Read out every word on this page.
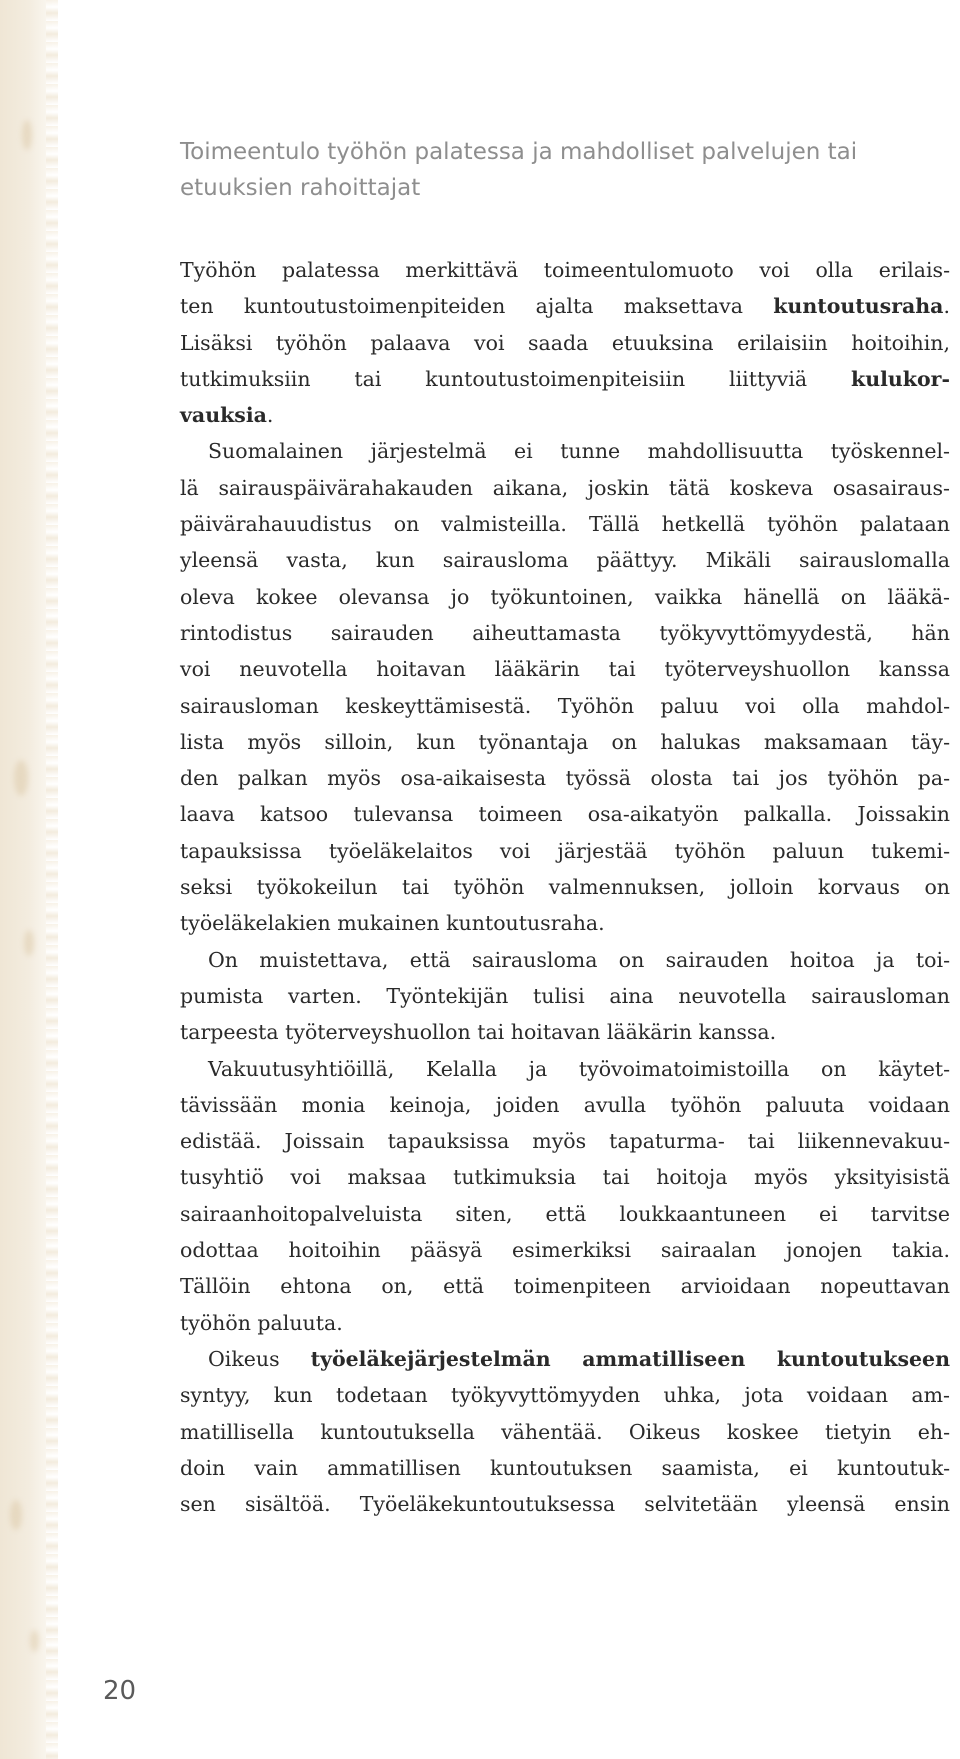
Toimeentulo työhön palatessa ja mahdolliset palvelujen tai
etuuksien rahoittajat
Työhön palatessa merkittävä toimeentulomuoto voi olla erilais-
ten kuntoutustoimenpiteiden ajalta maksettava kuntoutusraha.
Lisäksi työhön palaava voi saada etuuksina erilaisiin hoitoihin,
tutkimuksiin tai kuntoutustoimenpiteisiin liittyviä kulukor-
vauksia.
Suomalainen järjestelmä ei tunne mahdollisuutta työskennel-
lä sairauspäivärahakauden aikana, joskin tätä koskeva osasairaus-
päivärahauudistus on valmisteilla. Tällä hetkellä työhön palataan
yleensä vasta, kun sairausloma päättyy. Mikäli sairauslomalla
oleva kokee olevansa jo työkuntoinen, vaikka hänellä on lääkä-
rintodistus sairauden aiheuttamasta työkyvyttömyydestä, hän
voi neuvotella hoitavan lääkärin tai työterveyshuollon kanssa
sairausloman keskeyttämisestä. Työhön paluu voi olla mahdol-
lista myös silloin, kun työnantaja on halukas maksamaan täy-
den palkan myös osa-aikaisesta työssä olosta tai jos työhön pa-
laava katsoo tulevansa toimeen osa-aikatyön palkalla. Joissakin
tapauksissa työeläkelaitos voi järjestää työhön paluun tukemi-
seksi työkokeilun tai työhön valmennuksen, jolloin korvaus on
työeläkelakien mukainen kuntoutusraha.
On muistettava, että sairausloma on sairauden hoitoa ja toi-
pumista varten. Työntekijän tulisi aina neuvotella sairausloman
tarpeesta työterveyshuollon tai hoitavan lääkärin kanssa.
Vakuutusyhtiöillä, Kelalla ja työvoimatoimistoilla on käytet-
tävissään monia keinoja, joiden avulla työhön paluuta voidaan
edistää. Joissain tapauksissa myös tapaturma- tai liikennevakuu-
tusyhtiö voi maksaa tutkimuksia tai hoitoja myös yksityisistä
sairaanhoitopalveluista siten, että loukkaantuneen ei tarvitse
odottaa hoitoihin pääsyä esimerkiksi sairaalan jonojen takia.
Tällöin ehtona on, että toimenpiteen arvioidaan nopeuttavan
työhön paluuta.
Oikeus työeläkejärjestelmän ammatilliseen kuntoutukseen
syntyy, kun todetaan työkyvyttömyyden uhka, jota voidaan am-
matillisella kuntoutuksella vähentää. Oikeus koskee tietyin eh-
doin vain ammatillisen kuntoutuksen saamista, ei kuntoutuk-
sen sisältöä. Työeläkekuntoutuksessa selvitetään yleensä ensin
20
